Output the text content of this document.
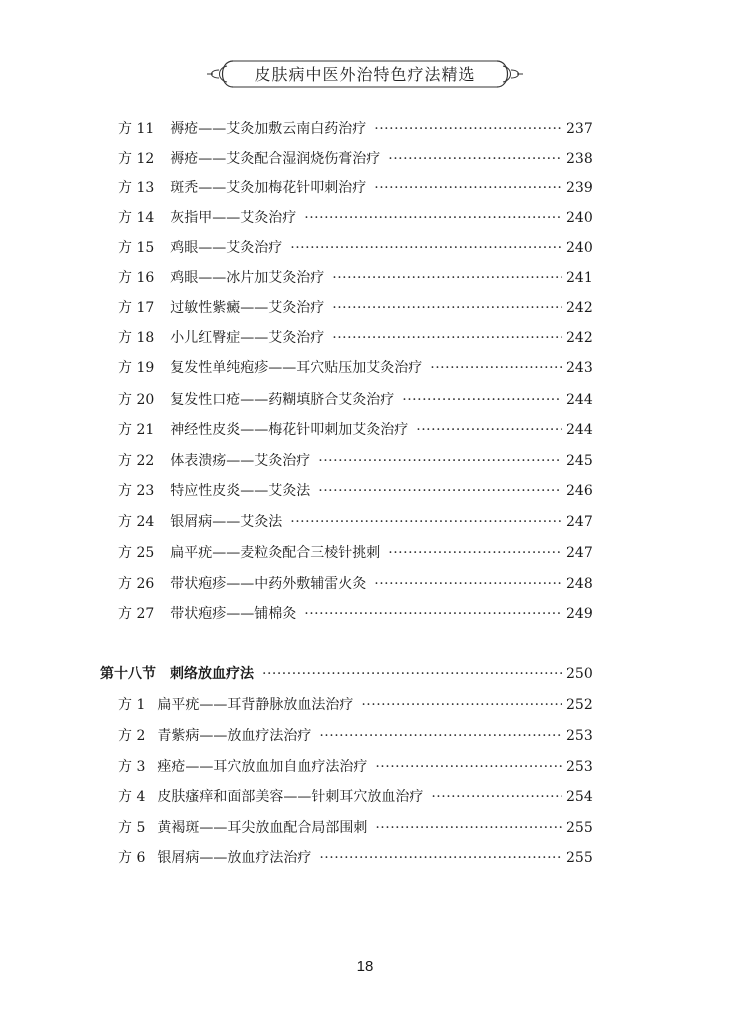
皮肤病中医外治特色疗法精选
方 11 褥疮——艾灸加敷云南白药治疗 ·····	237
方 12 褥疮——艾灸配合湿润烧伤膏治疗 ·····	238
方 13 斑秃——艾灸加梅花针叩刺治疗 ·····	239
方 14 灰指甲——艾灸治疗 ·····	240
方 15 鸡眼——艾灸治疗 ·····	240
方 16 鸡眼——冰片加艾灸治疗 ·····	241
方 17 过敏性紫癜——艾灸治疗 ·····	242
方 18 小儿红臀症——艾灸治疗 ·····	242
方 19 复发性单纯疱疹——耳穴贴压加艾灸治疗 ·····	243
方 20 复发性口疮——药糊填脐合艾灸治疗 ·····	244
方 21 神经性皮炎——梅花针叩刺加艾灸治疗 ·····	244
方 22 体表溃疡——艾灸治疗 ·····	245
方 23 特应性皮炎——艾灸法 ·····	246
方 24 银屑病——艾灸法 ·····	247
方 25 扁平疣——麦粒灸配合三棱针挑刺 ·····	247
方 26 带状疱疹——中药外敷辅雷火灸 ·····	248
方 27 带状疱疹——铺棉灸 ·····	249
第十八节 刺络放血疗法 ·····	250
方 1 扁平疣——耳背静脉放血法治疗 ·····	252
方 2 青紫病——放血疗法治疗 ·····	253
方 3 痤疮——耳穴放血加自血疗法治疗 ·····	253
方 4 皮肤瘙痒和面部美容——针刺耳穴放血治疗 ·····	254
方 5 黄褐斑——耳尖放血配合局部围刺 ·····	255
方 6 银屑病——放血疗法治疗 ·····	255
18
